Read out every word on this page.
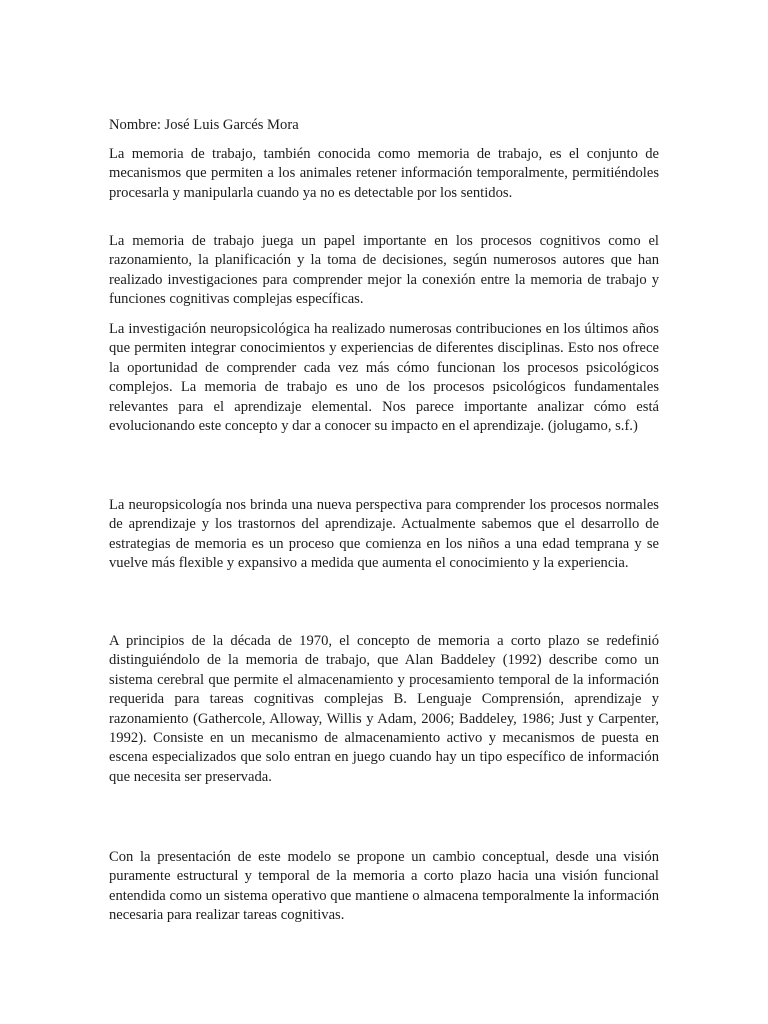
Nombre: José Luis Garcés Mora

La memoria de trabajo, también conocida como memoria de trabajo, es el conjunto de mecanismos que permiten a los animales retener información temporalmente, permitiéndoles procesarla y manipularla cuando ya no es detectable por los sentidos.

La memoria de trabajo juega un papel importante en los procesos cognitivos como el razonamiento, la planificación y la toma de decisiones, según numerosos autores que han realizado investigaciones para comprender mejor la conexión entre la memoria de trabajo y funciones cognitivas complejas específicas.

La investigación neuropsicológica ha realizado numerosas contribuciones en los últimos años que permiten integrar conocimientos y experiencias de diferentes disciplinas. Esto nos ofrece la oportunidad de comprender cada vez más cómo funcionan los procesos psicológicos complejos. La memoria de trabajo es uno de los procesos psicológicos fundamentales relevantes para el aprendizaje elemental. Nos parece importante analizar cómo está evolucionando este concepto y dar a conocer su impacto en el aprendizaje. (jolugamo, s.f.)

La neuropsicología nos brinda una nueva perspectiva para comprender los procesos normales de aprendizaje y los trastornos del aprendizaje. Actualmente sabemos que el desarrollo de estrategias de memoria es un proceso que comienza en los niños a una edad temprana y se vuelve más flexible y expansivo a medida que aumenta el conocimiento y la experiencia.

A principios de la década de 1970, el concepto de memoria a corto plazo se redefinió distinguiéndolo de la memoria de trabajo, que Alan Baddeley (1992) describe como un sistema cerebral que permite el almacenamiento y procesamiento temporal de la información requerida para tareas cognitivas complejas B. Lenguaje Comprensión, aprendizaje y razonamiento (Gathercole, Alloway, Willis y Adam, 2006; Baddeley, 1986; Just y Carpenter, 1992). Consiste en un mecanismo de almacenamiento activo y mecanismos de puesta en escena especializados que solo entran en juego cuando hay un tipo específico de información que necesita ser preservada.

Con la presentación de este modelo se propone un cambio conceptual, desde una visión puramente estructural y temporal de la memoria a corto plazo hacia una visión funcional entendida como un sistema operativo que mantiene o almacena temporalmente la información necesaria para realizar tareas cognitivas.
